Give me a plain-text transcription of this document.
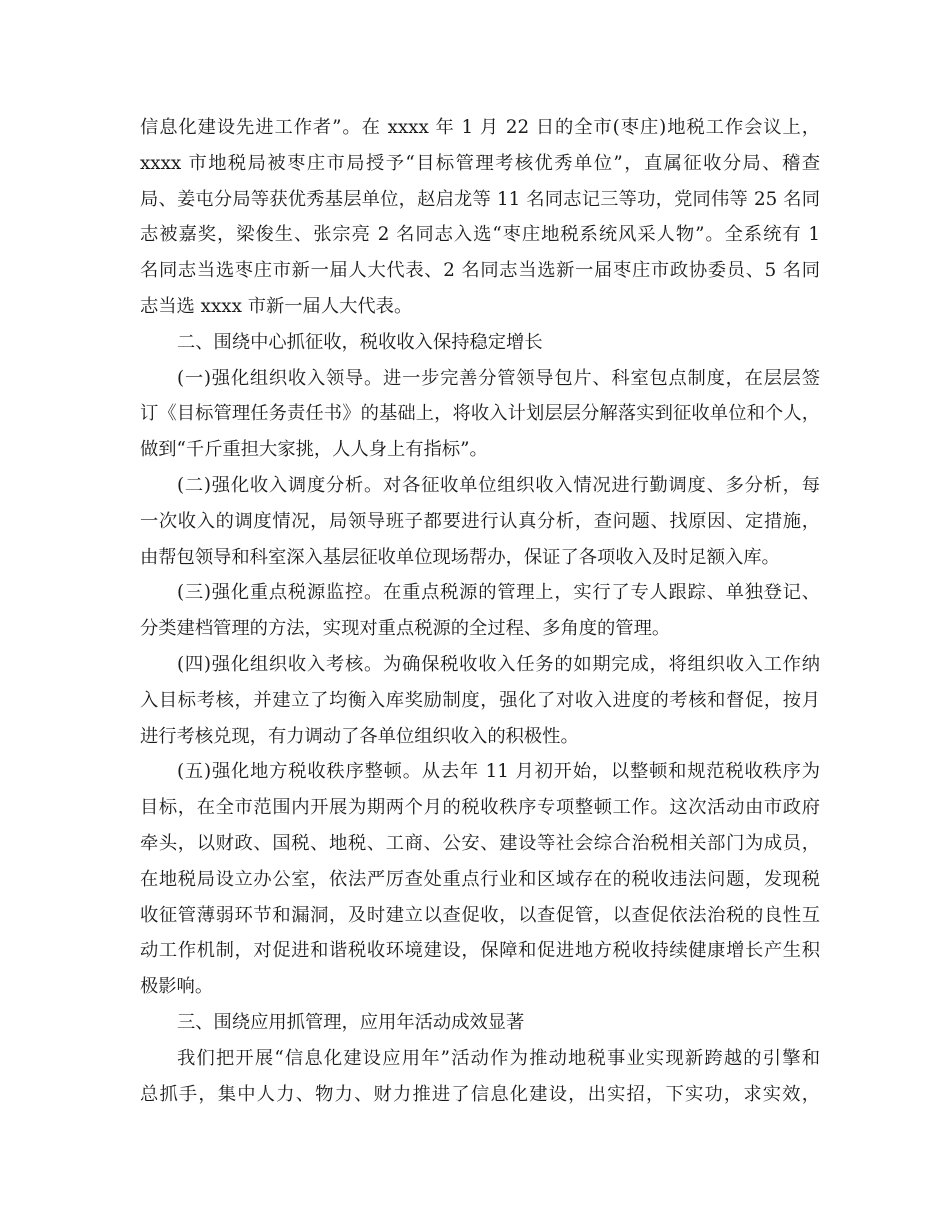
信息化建设先进工作者”。在 xxxx 年 1 月 22 日的全市(枣庄)地税工作会议上，
xxxx 市地税局被枣庄市局授予“目标管理考核优秀单位”，直属征收分局、稽查
局、姜屯分局等获优秀基层单位，赵启龙等 11 名同志记三等功，党同伟等 25 名同
志被嘉奖，梁俊生、张宗亮 2 名同志入选“枣庄地税系统风采人物”。全系统有 1
名同志当选枣庄市新一届人大代表、2 名同志当选新一届枣庄市政协委员、5 名同
志当选 xxxx 市新一届人大代表。
二、围绕中心抓征收，税收收入保持稳定增长
(一)强化组织收入领导。进一步完善分管领导包片、科室包点制度，在层层签
订《目标管理任务责任书》的基础上，将收入计划层层分解落实到征收单位和个人，
做到“千斤重担大家挑，人人身上有指标”。
(二)强化收入调度分析。对各征收单位组织收入情况进行勤调度、多分析，每
一次收入的调度情况，局领导班子都要进行认真分析，查问题、找原因、定措施，
由帮包领导和科室深入基层征收单位现场帮办，保证了各项收入及时足额入库。
(三)强化重点税源监控。在重点税源的管理上，实行了专人跟踪、单独登记、
分类建档管理的方法，实现对重点税源的全过程、多角度的管理。
(四)强化组织收入考核。为确保税收收入任务的如期完成，将组织收入工作纳
入目标考核，并建立了均衡入库奖励制度，强化了对收入进度的考核和督促，按月
进行考核兑现，有力调动了各单位组织收入的积极性。
(五)强化地方税收秩序整顿。从去年 11 月初开始，以整顿和规范税收秩序为
目标，在全市范围内开展为期两个月的税收秩序专项整顿工作。这次活动由市政府
牵头，以财政、国税、地税、工商、公安、建设等社会综合治税相关部门为成员，
在地税局设立办公室，依法严厉查处重点行业和区域存在的税收违法问题，发现税
收征管薄弱环节和漏洞，及时建立以查促收，以查促管，以查促依法治税的良性互
动工作机制，对促进和谐税收环境建设，保障和促进地方税收持续健康增长产生积
极影响。
三、围绕应用抓管理，应用年活动成效显著
我们把开展“信息化建设应用年”活动作为推动地税事业实现新跨越的引擎和
总抓手，集中人力、物力、财力推进了信息化建设，出实招，下实功，求实效，
